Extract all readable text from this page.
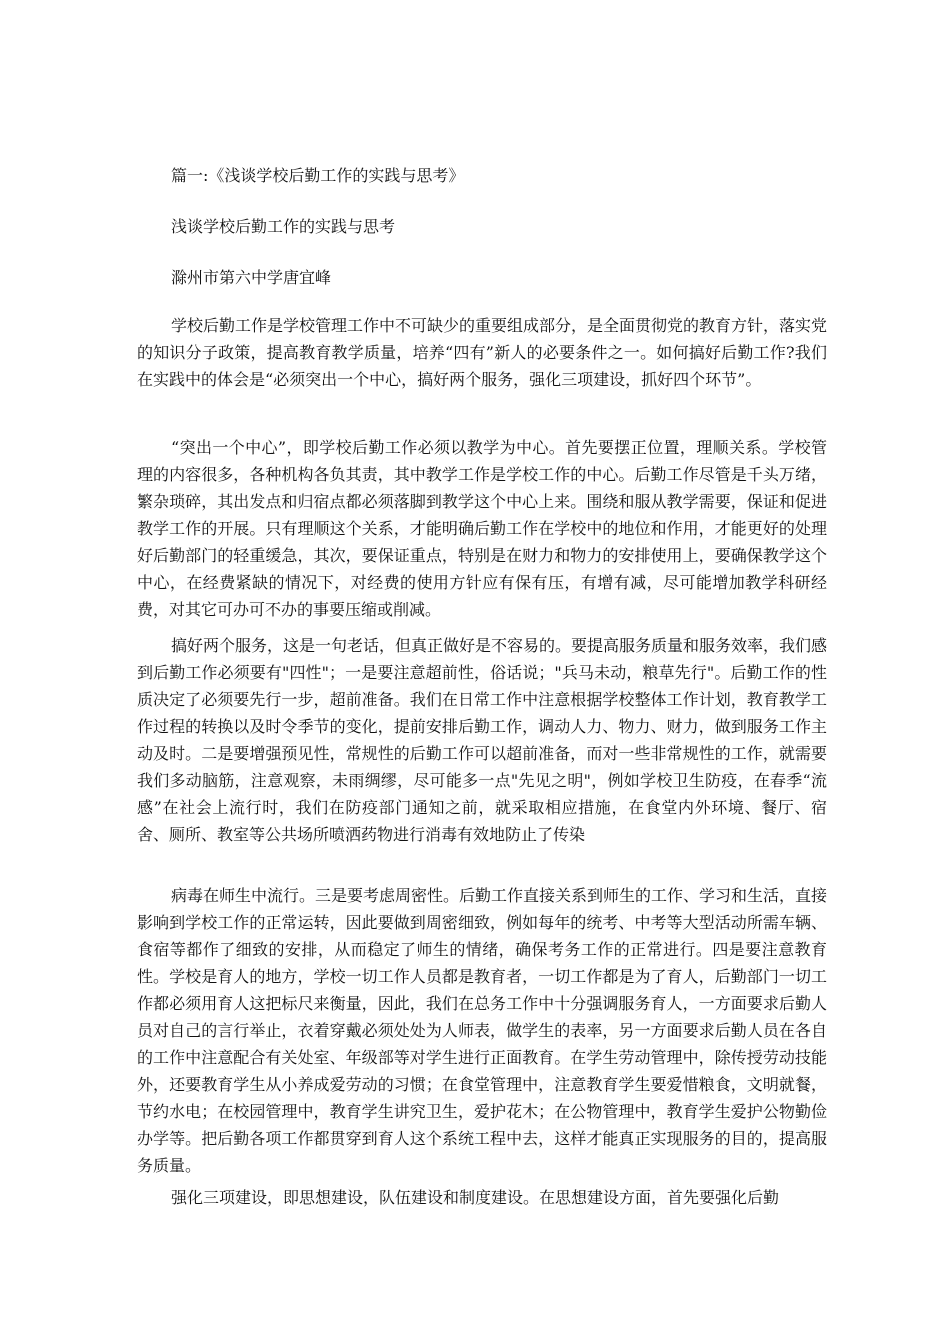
篇一:《浅谈学校后勤工作的实践与思考》
浅谈学校后勤工作的实践与思考
滁州市第六中学唐宜峰

学校后勤工作是学校管理工作中不可缺少的重要组成部分，是全面贯彻党的教育方针，落实党的知识分子政策，提高教育教学质量，培养“四有”新人的必要条件之一。如何搞好后勤工作?我们在实践中的体会是“必须突出一个中心，搞好两个服务，强化三项建设，抓好四个环节”。

“突出一个中心”，即学校后勤工作必须以教学为中心。首先要摆正位置，理顺关系。学校管理的内容很多，各种机构各负其责，其中教学工作是学校工作的中心。后勤工作尽管是千头万绪，繁杂琐碎，其出发点和归宿点都必须落脚到教学这个中心上来。围绕和服从教学需要，保证和促进教学工作的开展。只有理顺这个关系，才能明确后勤工作在学校中的地位和作用，才能更好的处理好后勤部门的轻重缓急，其次，要保证重点，特别是在财力和物力的安排使用上，要确保教学这个中心，在经费紧缺的情况下，对经费的使用方针应有保有压，有增有减，尽可能增加教学科研经费，对其它可办可不办的事要压缩或削减。

搞好两个服务，这是一句老话，但真正做好是不容易的。要提高服务质量和服务效率，我们感到后勤工作必须要有"四性"；一是要注意超前性，俗话说；"兵马未动，粮草先行"。后勤工作的性质决定了必须要先行一步，超前准备。我们在日常工作中注意根据学校整体工作计划，教育教学工作过程的转换以及时令季节的变化，提前安排后勤工作，调动人力、物力、财力，做到服务工作主动及时。二是要增强预见性，常规性的后勤工作可以超前准备，而对一些非常规性的工作，就需要我们多动脑筋，注意观察，未雨绸缪，尽可能多一点"先见之明"，例如学校卫生防疫，在春季“流感”在社会上流行时，我们在防疫部门通知之前，就采取相应措施，在食堂内外环境、餐厅、宿舍、厕所、教室等公共场所喷洒药物进行消毒有效地防止了传染

病毒在师生中流行。三是要考虑周密性。后勤工作直接关系到师生的工作、学习和生活，直接影响到学校工作的正常运转，因此要做到周密细致，例如每年的统考、中考等大型活动所需车辆、食宿等都作了细致的安排，从而稳定了师生的情绪，确保考务工作的正常进行。四是要注意教育性。学校是育人的地方，学校一切工作人员都是教育者，一切工作都是为了育人，后勤部门一切工作都必须用育人这把标尺来衡量，因此，我们在总务工作中十分强调服务育人，一方面要求后勤人员对自己的言行举止，衣着穿戴必须处处为人师表，做学生的表率，另一方面要求后勤人员在各自的工作中注意配合有关处室、年级部等对学生进行正面教育。在学生劳动管理中，除传授劳动技能外，还要教育学生从小养成爱劳动的习惯；在食堂管理中，注意教育学生要爱惜粮食，文明就餐，节约水电；在校园管理中，教育学生讲究卫生，爱护花木；在公物管理中，教育学生爱护公物勤俭办学等。把后勤各项工作都贯穿到育人这个系统工程中去，这样才能真正实现服务的目的，提高服务质量。

强化三项建设，即思想建设，队伍建设和制度建设。在思想建设方面，首先要强化后勤
